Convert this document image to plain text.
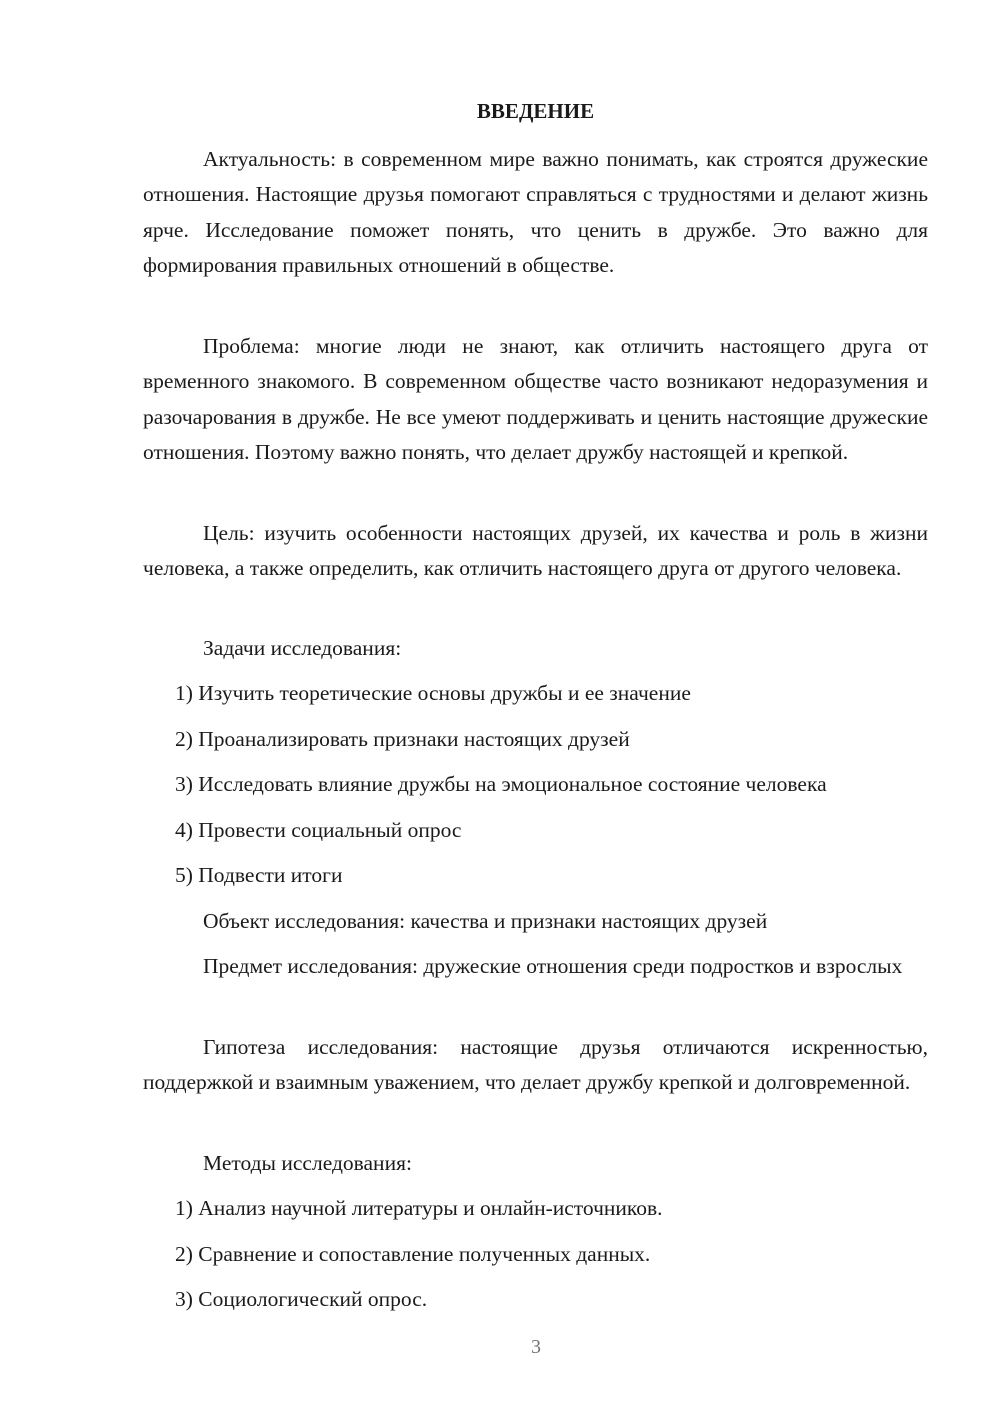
ВВЕДЕНИЕ
Актуальность: в современном мире важно понимать, как строятся дружеские отношения. Настоящие друзья помогают справляться с трудностями и делают жизнь ярче. Исследование поможет понять, что ценить в дружбе. Это важно для формирования правильных отношений в обществе.
Проблема: многие люди не знают, как отличить настоящего друга от временного знакомого. В современном обществе часто возникают недоразумения и разочарования в дружбе. Не все умеют поддерживать и ценить настоящие дружеские отношения. Поэтому важно понять, что делает дружбу настоящей и крепкой.
Цель: изучить особенности настоящих друзей, их качества и роль в жизни человека, а также определить, как отличить настоящего друга от другого человека.
Задачи исследования:
1) Изучить теоретические основы дружбы и ее значение
2) Проанализировать признаки настоящих друзей
3) Исследовать влияние дружбы на эмоциональное состояние человека
4) Провести социальный опрос
5) Подвести итоги
Объект исследования: качества и признаки настоящих друзей
Предмет исследования: дружеские отношения среди подростков и взрослых
Гипотеза исследования: настоящие друзья отличаются искренностью, поддержкой и взаимным уважением, что делает дружбу крепкой и долговременной.
Методы исследования:
1) Анализ научной литературы и онлайн-источников.
2) Сравнение и сопоставление полученных данных.
3) Социологический опрос.
3
